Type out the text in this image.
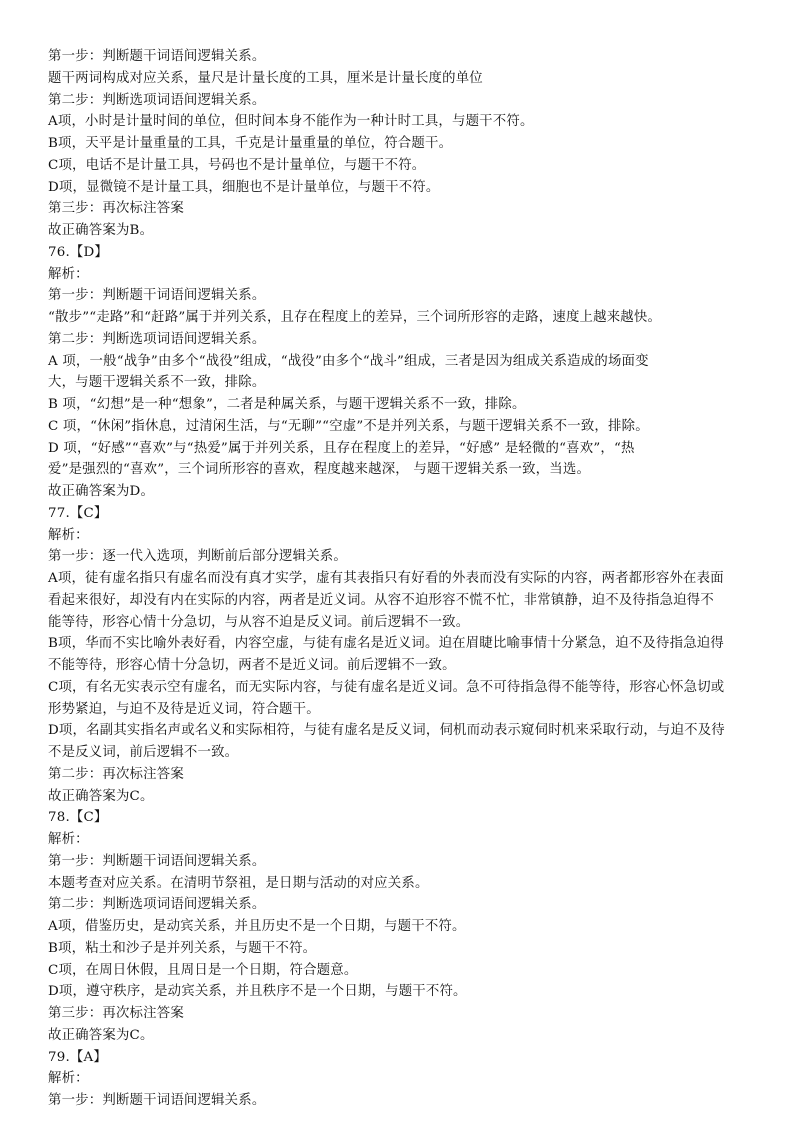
第一步：判断题干词语间逻辑关系。
题干两词构成对应关系，量尺是计量长度的工具，厘米是计量长度的单位
第二步：判断选项词语间逻辑关系。
A项，小时是计量时间的单位，但时间本身不能作为一种计时工具，与题干不符。
B项，天平是计量重量的工具，千克是计量重量的单位，符合题干。
C项，电话不是计量工具，号码也不是计量单位，与题干不符。
D项，显微镜不是计量工具，细胞也不是计量单位，与题干不符。
第三步：再次标注答案
故正确答案为B。
76.【D】
解析：
第一步：判断题干词语间逻辑关系。
“散步”“走路”和“赶路”属于并列关系，且存在程度上的差异，三个词所形容的走路，速度上越来越快。
第二步：判断选项词语间逻辑关系。
A 项，一般“战争”由多个“战役”组成，“战役”由多个“战斗”组成，三者是因为组成关系造成的场面变
大，与题干逻辑关系不一致，排除。
B 项，“幻想”是一种“想象”，二者是种属关系，与题干逻辑关系不一致，排除。
C 项，“休闲”指休息，过清闲生活，与“无聊”“空虚”不是并列关系，与题干逻辑关系不一致，排除。
D 项，“好感”“喜欢”与“热爱”属于并列关系，且存在程度上的差异，“好感” 是轻微的“喜欢”，“热
爱”是强烈的“喜欢”，三个词所形容的喜欢，程度越来越深， 与题干逻辑关系一致，当选。
故正确答案为D。
77.【C】
解析：
第一步：逐一代入选项，判断前后部分逻辑关系。
A项，徒有虚名指只有虚名而没有真才实学，虚有其表指只有好看的外表而没有实际的内容，两者都形容外在表面
看起来很好，却没有内在实际的内容，两者是近义词。从容不迫形容不慌不忙，非常镇静，迫不及待指急迫得不
能等待，形容心情十分急切，与从容不迫是反义词。前后逻辑不一致。
B项，华而不实比喻外表好看，内容空虚，与徒有虚名是近义词。迫在眉睫比喻事情十分紧急，迫不及待指急迫得
不能等待，形容心情十分急切，两者不是近义词。前后逻辑不一致。
C项，有名无实表示空有虚名，而无实际内容，与徒有虚名是近义词。急不可待指急得不能等待，形容心怀急切或
形势紧迫，与迫不及待是近义词，符合题干。
D项，名副其实指名声或名义和实际相符，与徒有虚名是反义词，伺机而动表示窥伺时机来采取行动，与迫不及待
不是反义词，前后逻辑不一致。
第二步：再次标注答案
故正确答案为C。
78.【C】
解析：
第一步：判断题干词语间逻辑关系。
本题考查对应关系。在清明节祭祖，是日期与活动的对应关系。
第二步：判断选项词语间逻辑关系。
A项，借鉴历史，是动宾关系，并且历史不是一个日期，与题干不符。
B项，粘土和沙子是并列关系，与题干不符。
C项，在周日休假，且周日是一个日期，符合题意。
D项，遵守秩序，是动宾关系，并且秩序不是一个日期，与题干不符。
第三步：再次标注答案
故正确答案为C。
79.【A】
解析：
第一步：判断题干词语间逻辑关系。
